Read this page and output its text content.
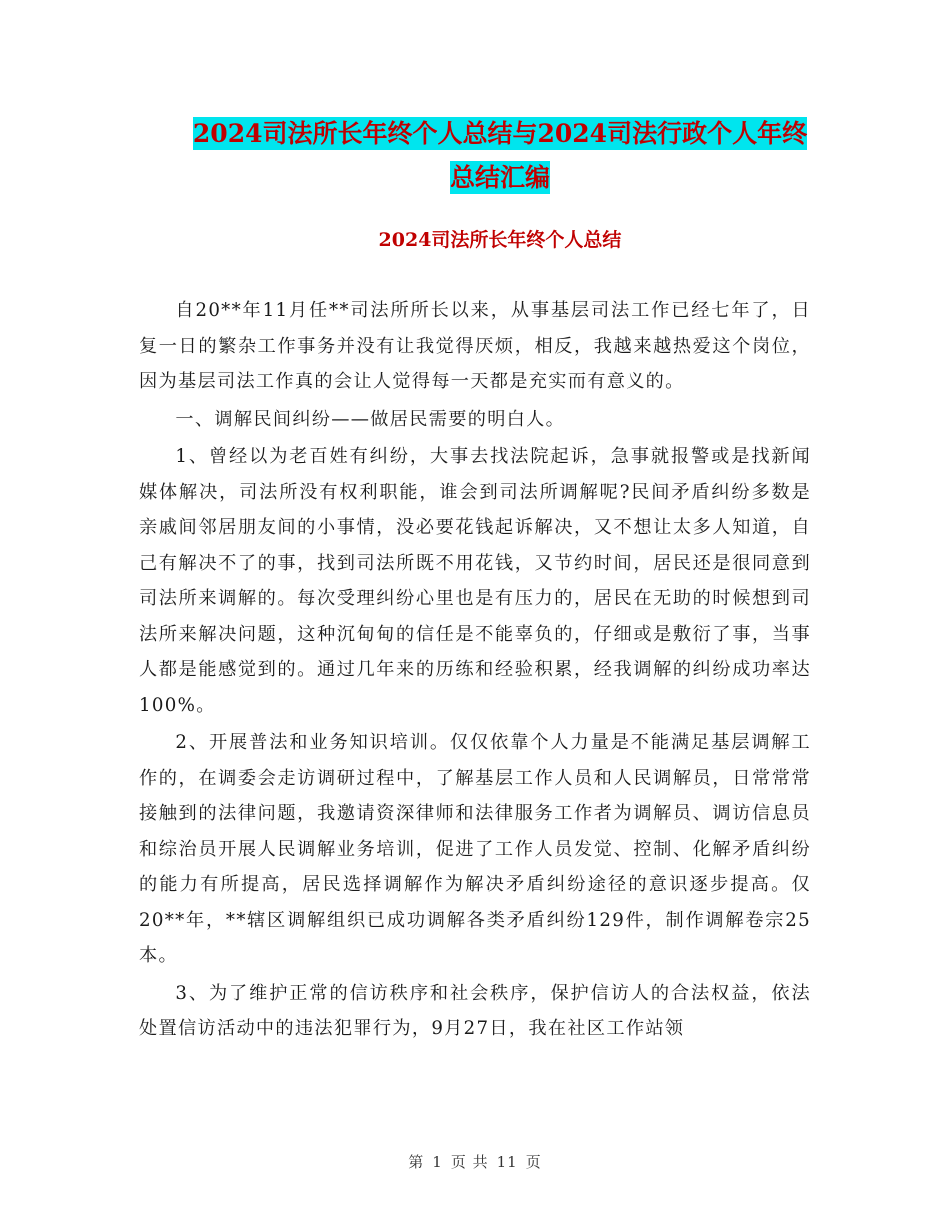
2024司法所长年终个人总结与2024司法行政个人年终
总结汇编
2024司法所长年终个人总结

自20**年11月任**司法所所长以来，从事基层司法工作已经七年了，日复一日的繁杂工作事务并没有让我觉得厌烦，相反，我越来越热爱这个岗位，因为基层司法工作真的会让人觉得每一天都是充实而有意义的。

一、调解民间纠纷——做居民需要的明白人。

1、曾经以为老百姓有纠纷，大事去找法院起诉，急事就报警或是找新闻媒体解决，司法所没有权利职能，谁会到司法所调解呢?民间矛盾纠纷多数是亲戚间邻居朋友间的小事情，没必要花钱起诉解决，又不想让太多人知道，自己有解决不了的事，找到司法所既不用花钱，又节约时间，居民还是很同意到司法所来调解的。每次受理纠纷心里也是有压力的，居民在无助的时候想到司法所来解决问题，这种沉甸甸的信任是不能辜负的，仔细或是敷衍了事，当事人都是能感觉到的。通过几年来的历练和经验积累，经我调解的纠纷成功率达100%。

2、开展普法和业务知识培训。仅仅依靠个人力量是不能满足基层调解工作的，在调委会走访调研过程中，了解基层工作人员和人民调解员，日常常常接触到的法律问题，我邀请资深律师和法律服务工作者为调解员、调访信息员和综治员开展人民调解业务培训，促进了工作人员发觉、控制、化解矛盾纠纷的能力有所提高，居民选择调解作为解决矛盾纠纷途径的意识逐步提高。仅20**年，**辖区调解组织已成功调解各类矛盾纠纷129件，制作调解卷宗25本。

3、为了维护正常的信访秩序和社会秩序，保护信访人的合法权益，依法处置信访活动中的违法犯罪行为，9月27日，我在社区工作站领

第 1 页 共 11 页
